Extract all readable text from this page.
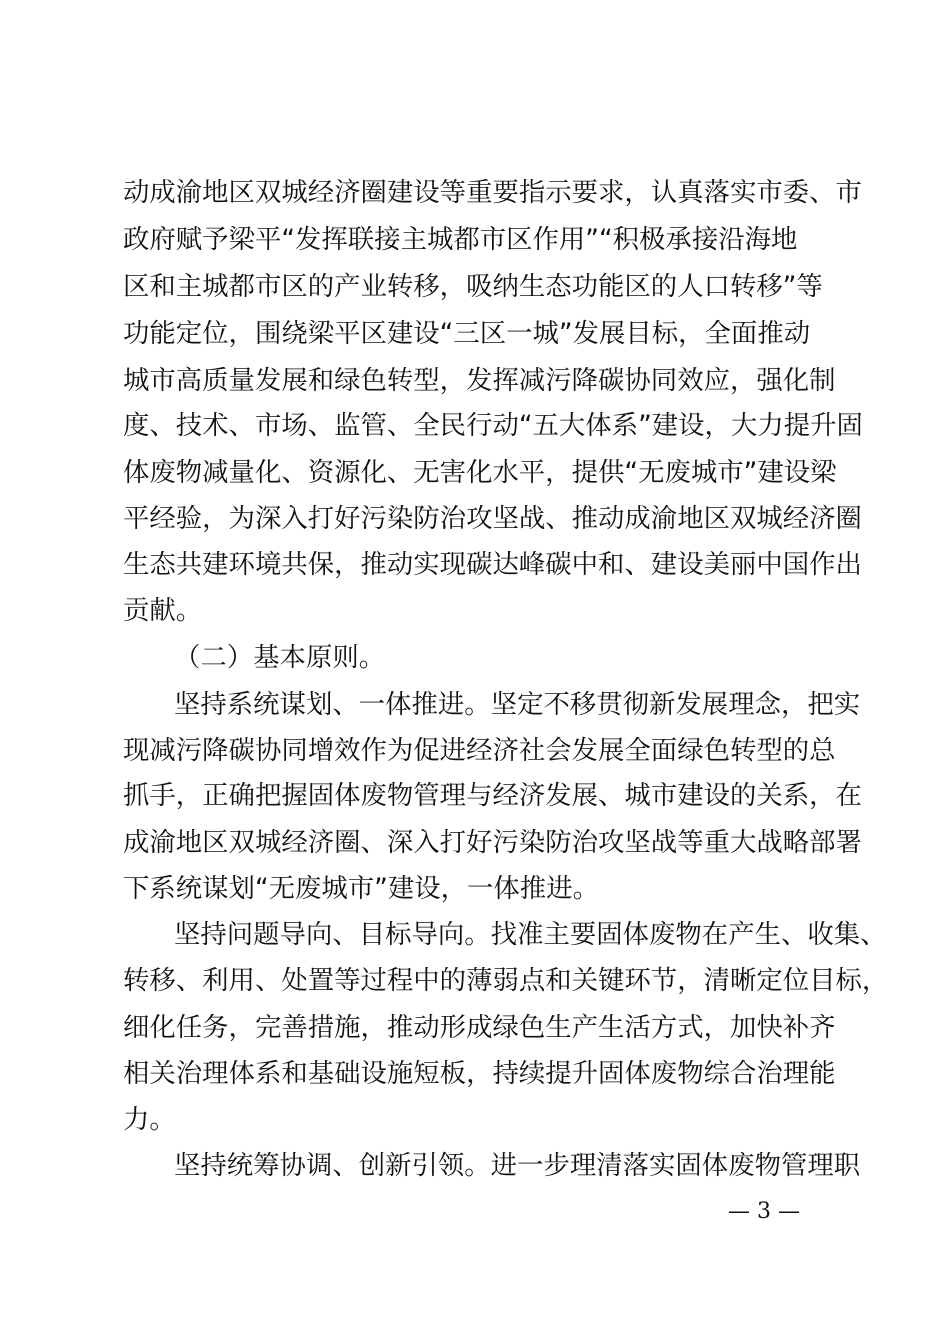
动成渝地区双城经济圈建设等重要指示要求，认真落实市委、市
政府赋予梁平“发挥联接主城都市区作用”“积极承接沿海地
区和主城都市区的产业转移，吸纳生态功能区的人口转移”等
功能定位，围绕梁平区建设“三区一城”发展目标，全面推动
城市高质量发展和绿色转型，发挥减污降碳协同效应，强化制
度、技术、市场、监管、全民行动“五大体系”建设，大力提升固
体废物减量化、资源化、无害化水平，提供“无废城市”建设梁
平经验，为深入打好污染防治攻坚战、推动成渝地区双城经济圈
生态共建环境共保，推动实现碳达峰碳中和、建设美丽中国作出
贡献。
（二）基本原则。
坚持系统谋划、一体推进。坚定不移贯彻新发展理念，把实
现减污降碳协同增效作为促进经济社会发展全面绿色转型的总
抓手，正确把握固体废物管理与经济发展、城市建设的关系，在
成渝地区双城经济圈、深入打好污染防治攻坚战等重大战略部署
下系统谋划“无废城市”建设，一体推进。
坚持问题导向、目标导向。找准主要固体废物在产生、收集、
转移、利用、处置等过程中的薄弱点和关键环节，清晰定位目标，
细化任务，完善措施，推动形成绿色生产生活方式，加快补齐
相关治理体系和基础设施短板，持续提升固体废物综合治理能
力。
坚持统筹协调、创新引领。进一步理清落实固体废物管理职
— 3 —
